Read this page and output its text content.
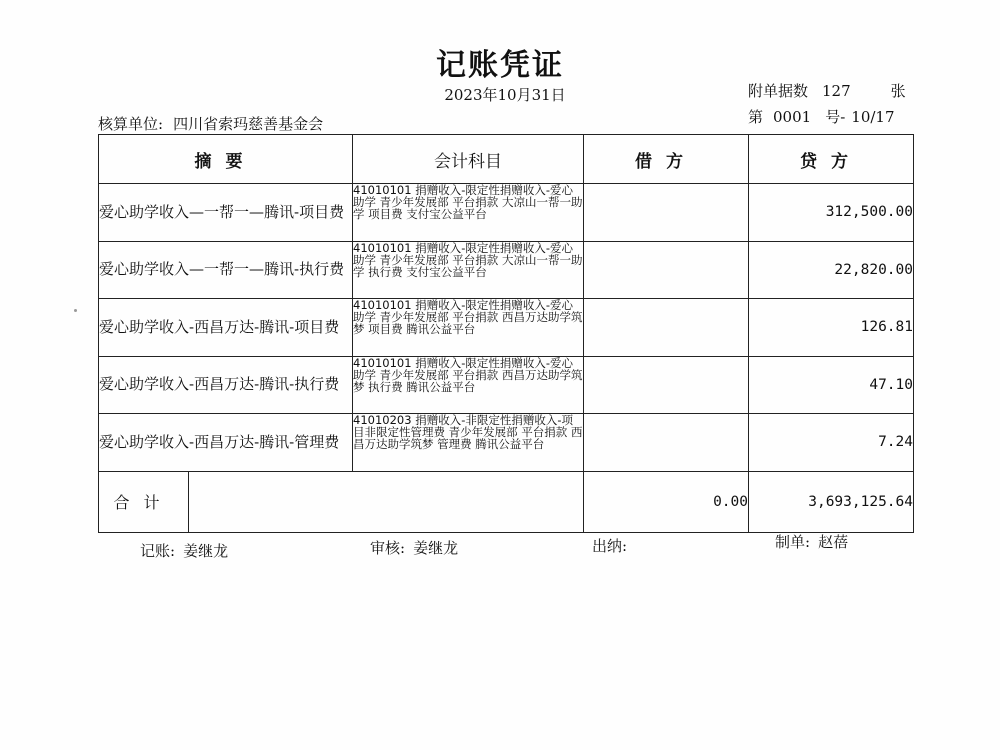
记账凭证
2023年10月31日	附单据数 127	张
核算单位: 四川省索玛慈善基金会	第 0001 号- 10/17
摘要		会计科目	借方	贷方
爱心助学收入—一帮一—腾讯-项目费		41010101 捐赠收入-限定性捐赠收入-爱心助学 青少年发展部 平台捐款 大凉山一帮一助学 项目费 支付宝公益平台		312,500.00
爱心助学收入—一帮一—腾讯-执行费		41010101 捐赠收入-限定性捐赠收入-爱心助学 青少年发展部 平台捐款 大凉山一帮一助学 执行费 支付宝公益平台		22,820.00
爱心助学收入-西昌万达-腾讯-项目费		41010101 捐赠收入-限定性捐赠收入-爱心助学 青少年发展部 平台捐款 西昌万达助学筑梦 项目费 腾讯公益平台		126.81
爱心助学收入-西昌万达-腾讯-执行费		41010101 捐赠收入-限定性捐赠收入-爱心助学 青少年发展部 平台捐款 西昌万达助学筑梦 执行费 腾讯公益平台		47.10
爱心助学收入-西昌万达-腾讯-管理费		41010203 捐赠收入-非限定性捐赠收入-项目非限定性管理费 青少年发展部 平台捐款 西昌万达助学筑梦 管理费 腾讯公益平台		7.24
合计			0.00	3,693,125.64
记账: 姜继龙	审核: 姜继龙	出纳:	制单: 赵蓓
